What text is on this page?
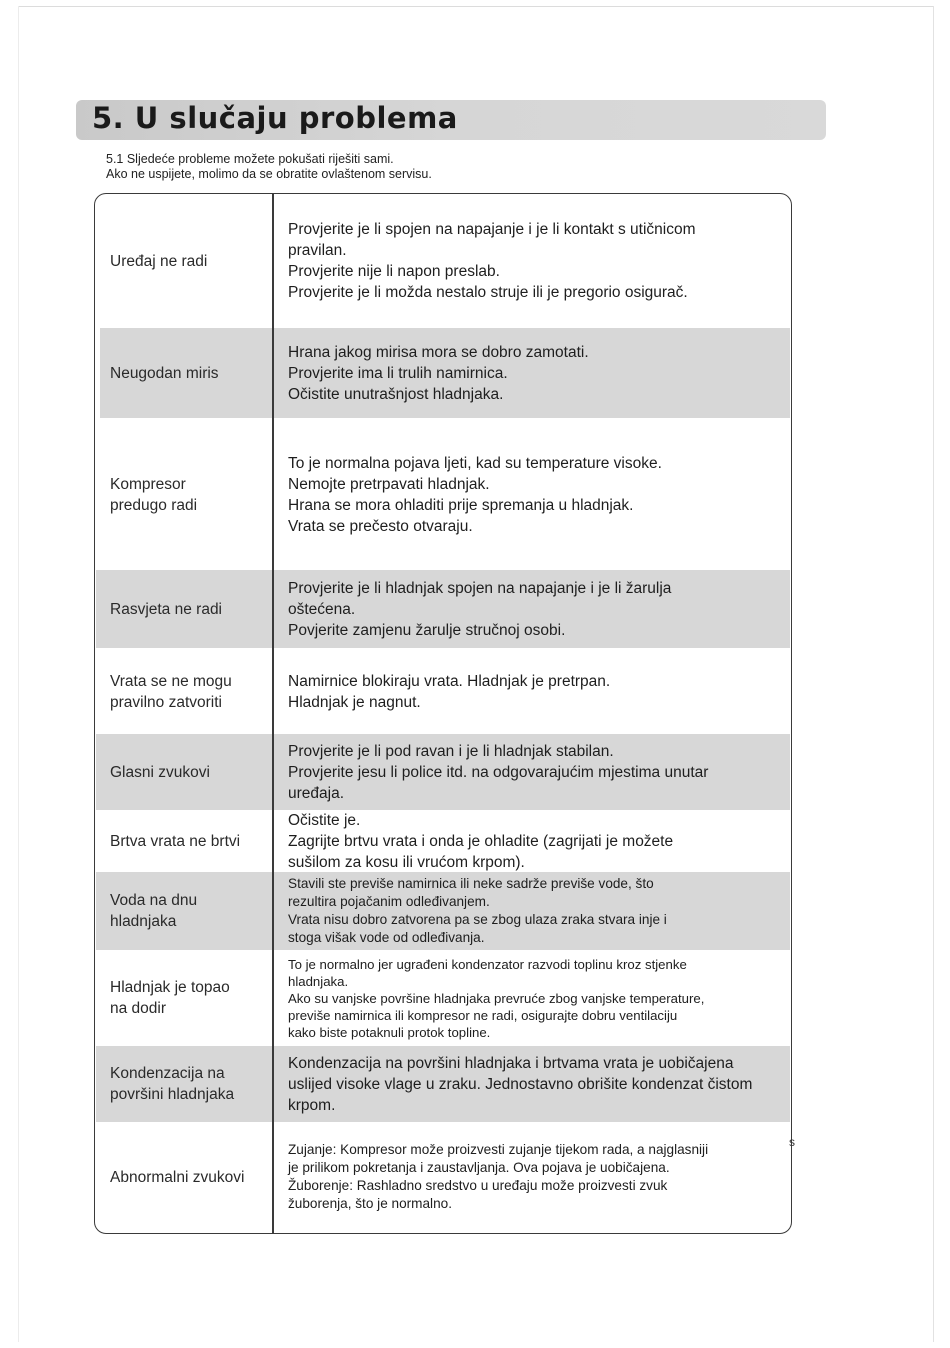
5. U slučaju problema
5.1 Sljedeće probleme možete pokušati riješiti sami.
Ako ne uspijete, molimo da se obratite ovlaštenom servisu.
Uređaj ne radi
Provjerite je li spojen na napajanje i je li kontakt s utičnicom
pravilan.
Provjerite nije li napon preslab.
Provjerite je li možda nestalo struje ili je pregorio osigurač.
Neugodan miris
Hrana jakog mirisa mora se dobro zamotati.
Provjerite ima li trulih namirnica.
Očistite unutrašnjost hladnjaka.
Kompresor
predugo radi
To je normalna pojava ljeti, kad su temperature visoke.
Nemojte pretrpavati hladnjak.
Hrana se mora ohladiti prije spremanja u hladnjak.
Vrata se prečesto otvaraju.
Rasvjeta ne radi
Provjerite je li hladnjak spojen na napajanje i je li žarulja
oštećena.
Povjerite zamjenu žarulje stručnoj osobi.
Vrata se ne mogu
pravilno zatvoriti
Namirnice blokiraju vrata. Hladnjak je pretrpan.
Hladnjak je nagnut.
Glasni zvukovi
Provjerite je li pod ravan i je li hladnjak stabilan.
Provjerite jesu li police itd. na odgovarajućim mjestima unutar
uređaja.
Brtva vrata ne brtvi
Očistite je.
Zagrijte brtvu vrata i onda je ohladite (zagrijati je možete
sušilom za kosu ili vrućom krpom).
Voda na dnu
hladnjaka
Stavili ste previše namirnica ili neke sadrže previše vode, što
rezultira pojačanim odleđivanjem.
Vrata nisu dobro zatvorena pa se zbog ulaza zraka stvara inje i
stoga višak vode od odleđivanja.
Hladnjak je topao
na dodir
To je normalno jer ugrađeni kondenzator razvodi toplinu kroz stjenke
hladnjaka.
Ako su vanjske površine hladnjaka prevruće zbog vanjske temperature,
previše namirnica ili kompresor ne radi, osigurajte dobru ventilaciju
kako biste potaknuli protok topline.
Kondenzacija na
površini hladnjaka
Kondenzacija na površini hladnjaka i brtvama vrata je uobičajena
uslijed visoke vlage u zraku. Jednostavno obrišite kondenzat čistom
krpom.
Abnormalni zvukovi
Zujanje: Kompresor može proizvesti zujanje tijekom rada, a najglasniji
je prilikom pokretanja i zaustavljanja. Ova pojava je uobičajena.
Žuborenje: Rashladno sredstvo u uređaju može proizvesti zvuk
žuborenja, što je normalno.
s
